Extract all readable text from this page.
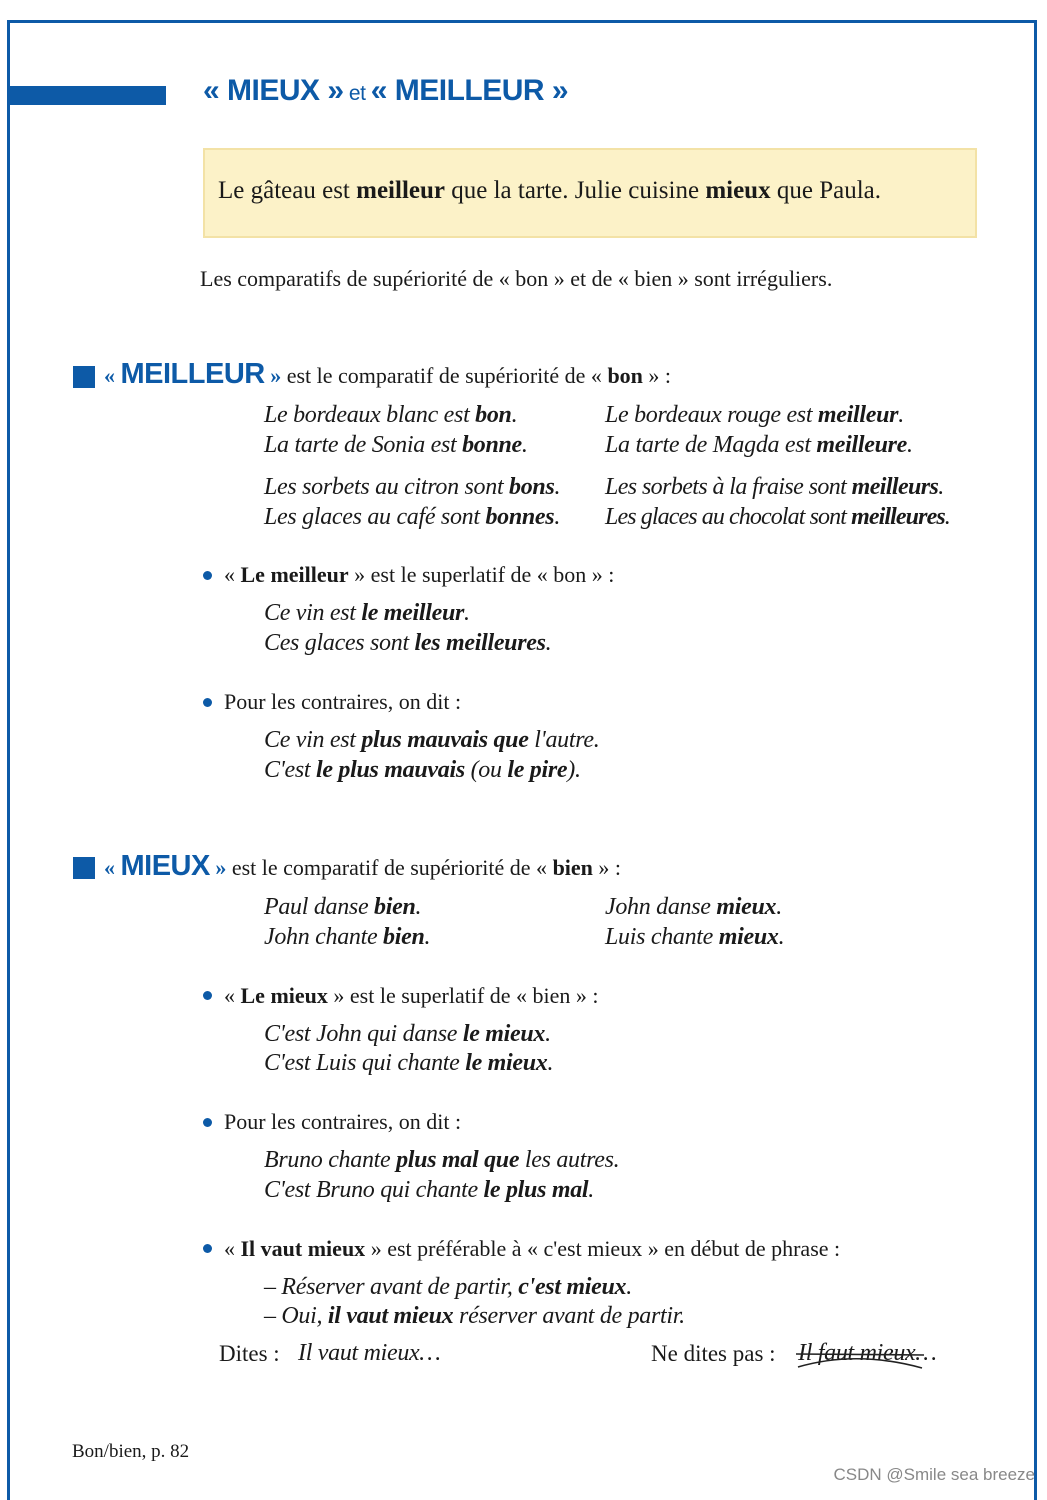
« MIEUX » et « MEILLEUR »

Le gâteau est meilleur que la tarte. Julie cuisine mieux que Paula.

Les comparatifs de supériorité de « bon » et de « bien » sont irréguliers.
« MEILLEUR » est le comparatif de supériorité de « bon » :
Le bordeaux blanc est bon.	Le bordeaux rouge est meilleur.
La tarte de Sonia est bonne.	La tarte de Magda est meilleure.
Les sorbets au citron sont bons. Les sorbets à la fraise sont meilleurs.
Les glaces au café sont bonnes. Les glaces au chocolat sont meilleures.
« Le meilleur » est le superlatif de « bon » :
Ce vin est le meilleur.
Ces glaces sont les meilleures.
Pour les contraires, on dit :
Ce vin est plus mauvais que l'autre.
C'est le plus mauvais (ou le pire).
« MIEUX » est le comparatif de supériorité de « bien » :
Paul danse bien.	John danse mieux.
John chante bien.	Luis chante mieux.
« Le mieux » est le superlatif de « bien » :
C'est John qui danse le mieux.
C'est Luis qui chante le mieux.
Pour les contraires, on dit :
Bruno chante plus mal que les autres.
C'est Bruno qui chante le plus mal.
« Il vaut mieux » est préférable à « c'est mieux » en début de phrase :
– Réserver avant de partir, c'est mieux.
– Oui, il vaut mieux réserver avant de partir.
Dites : Il vaut mieux…	Ne dites pas : Il faut mieux
…
Bon/bien, p. 82
CSDN @Smile sea breeze
